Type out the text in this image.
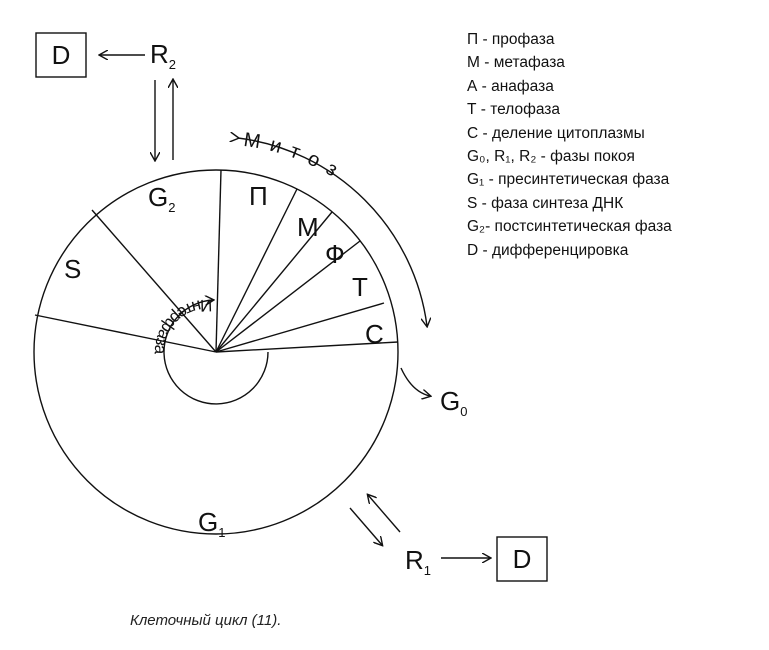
D	$R_2$
$G_2$
S
$G_1$
П
М
Ф
Т
С
М и т о з
Интерфаза
$G_0$
$R_1$	D
П - профаза
М - метафаза
А - анафаза
Т - телофаза
С - деление цитоплазмы
G₀, R₁, R₂ - фазы покоя
G₁ - пресинтетическая фаза
S - фаза синтеза ДНК
G₂- постсинтетическая фаза
D - дифференцировка
Клеточный цикл (11).
